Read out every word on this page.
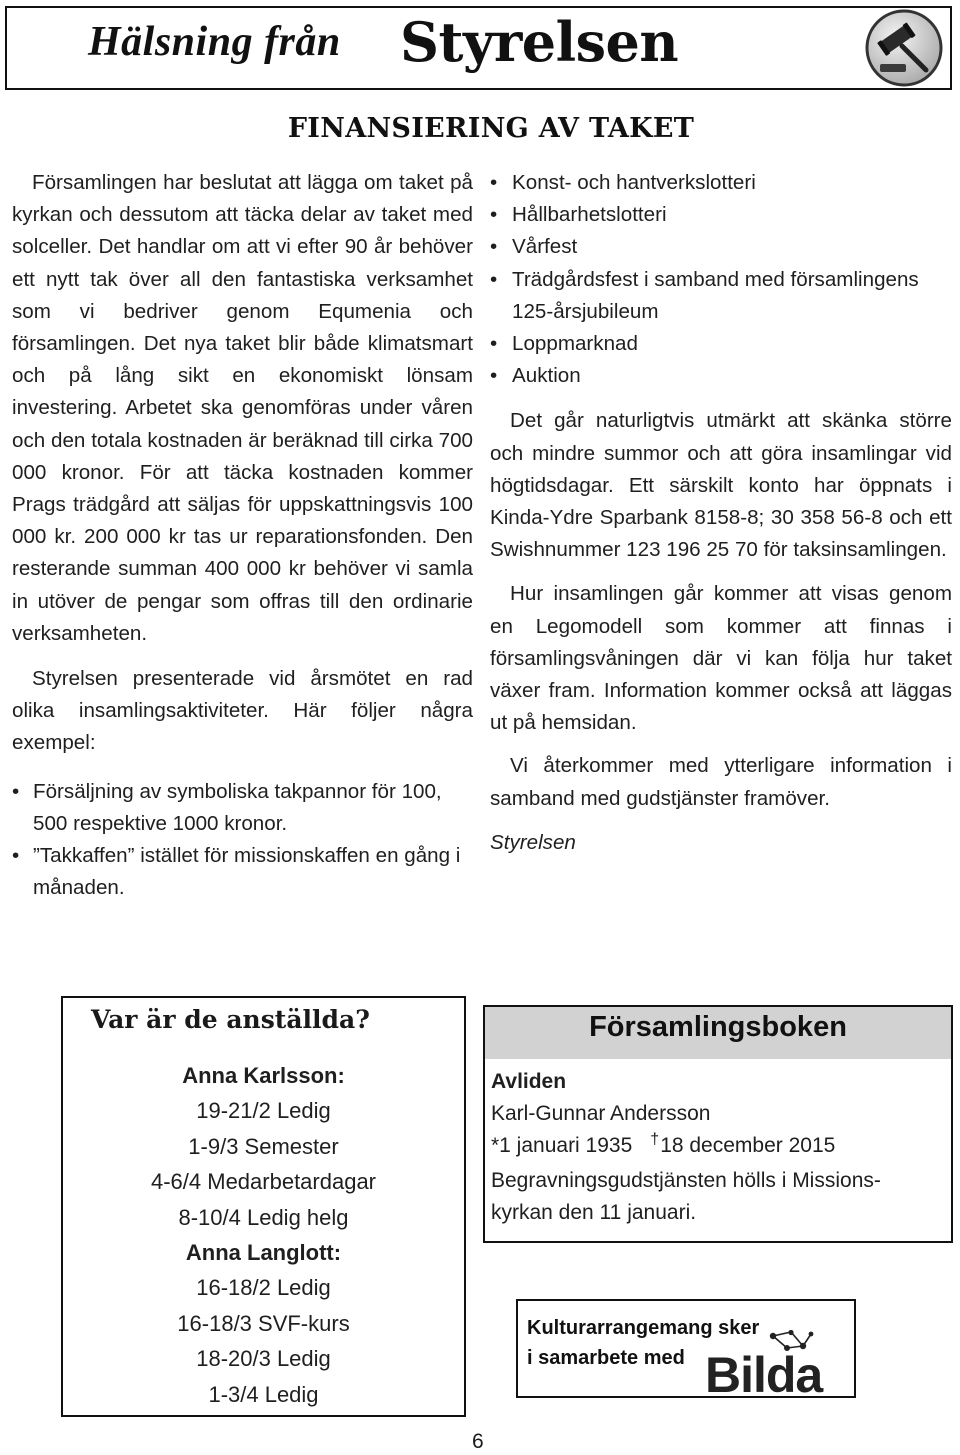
Hälsning från Styrelsen
FINANSIERING AV TAKET

Församlingen har beslutat att lägga om taket på kyrkan och dessutom att täcka delar av taket med solceller. Det handlar om att vi efter 90 år behöver ett nytt tak över all den fantastiska verksamhet som vi bedriver genom Equmenia och församlingen. Det nya taket blir både klimatsmart och på lång sikt en ekonomiskt lönsam investering. Arbetet ska genomföras under våren och den totala kostnaden är beräknad till cirka 700 000 kronor. För att täcka kostnaden kommer Prags trädgård att säljas för uppskattningsvis 100 000 kr. 200 000 kr tas ur reparationsfonden. Den resterande summan 400 000 kr behöver vi samla in utöver de pengar som offras till den ordinarie verksamheten.

Styrelsen presenterade vid årsmötet en rad olika insamlingsaktiviteter. Här följer några exempel:

• Försäljning av symboliska takpannor för 100, 500 respektive 1000 kronor.
• ”Takkaffen” istället för missionskaffen en gång i månaden.
• Konst- och hantverkslotteri
• Hållbarhetslotteri
• Vårfest
• Trädgårdsfest i samband med församlingens 125-årsjubileum
• Loppmarknad
• Auktion

Det går naturligtvis utmärkt att skänka större och mindre summor och att göra insamlingar vid högtidsdagar. Ett särskilt konto har öppnats i Kinda-Ydre Sparbank 8158-8; 30 358 56-8 och ett Swishnummer 123 196 25 70 för taksinsamlingen.

Hur insamlingen går kommer att visas genom en Legomodell som kommer att finnas i församlingsvåningen där vi kan följa hur taket växer fram. Information kommer också att läggas ut på hemsidan.

Vi återkommer med ytterligare information i samband med gudstjänster framöver.

Styrelsen

Var är de anställda?
Anna Karlsson:
19-21/2 Ledig
1-9/3 Semester
4-6/4 Medarbetardagar
8-10/4 Ledig helg
Anna Langlott:
16-18/2 Ledig
16-18/3 SVF-kurs
18-20/3 Ledig
1-3/4 Ledig
Församlingsboken
Avliden
Karl-Gunnar Andersson
*1 januari 1935 †18 december 2015
Begravningsgudstjänsten hölls i Missions-
kyrkan den 11 januari.
Kulturarrangemang sker
i samarbete med Bilda
6
